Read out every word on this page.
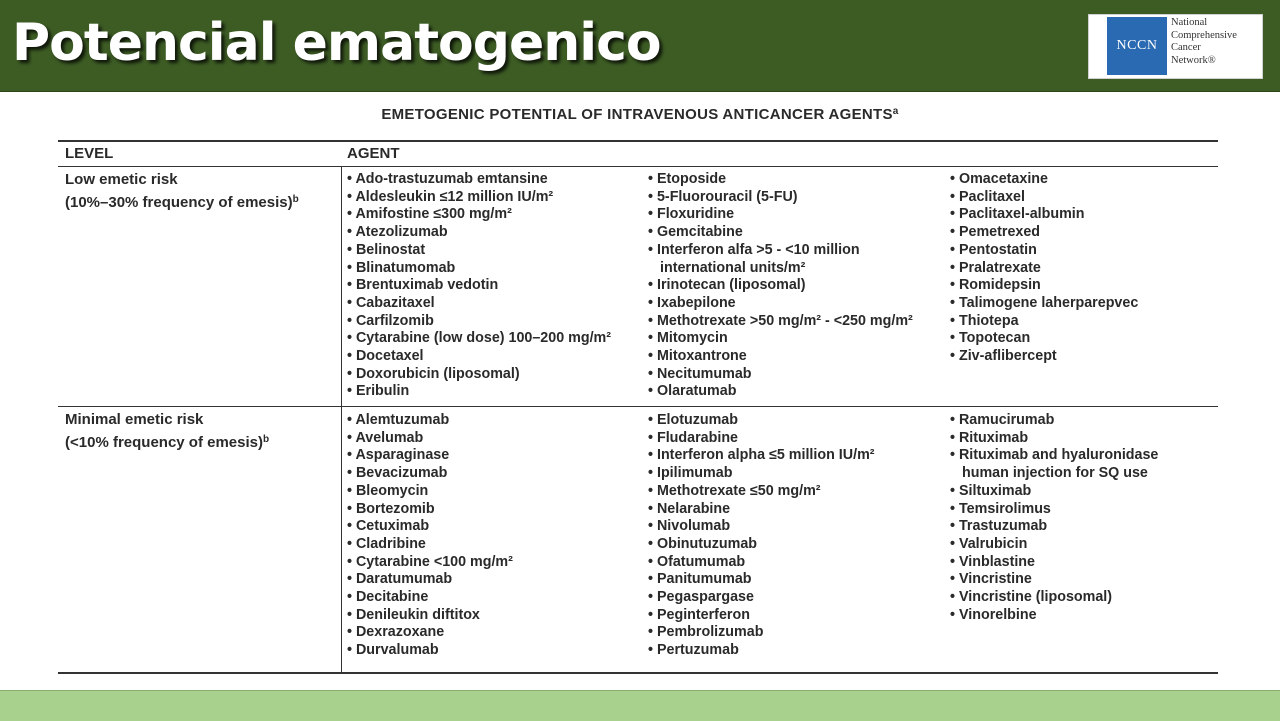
Potencial ematogenico	NCCN
National
Comprehensive
Cancer
Network®
EMETOGENIC POTENTIAL OF INTRAVENOUS ANTICANCER AGENTS$^a$
LEVEL	AGENT
Low emetic risk
(10%–30% frequency of emesis)$^b$
• Ado-trastuzumab emtansine
• Aldesleukin ≤12 million IU/m²
• Amifostine ≤300 mg/m²
• Atezolizumab
• Belinostat
• Blinatumomab
• Brentuximab vedotin
• Cabazitaxel
• Carfilzomib
• Cytarabine (low dose) 100–200 mg/m²
• Docetaxel
• Doxorubicin (liposomal)
• Eribulin
• Etoposide
• 5-Fluorouracil (5-FU)
• Floxuridine
• Gemcitabine
• Interferon alfa >5 - <10 million
international units/m²
• Irinotecan (liposomal)
• Ixabepilone
• Methotrexate >50 mg/m² - <250 mg/m²
• Mitomycin
• Mitoxantrone
• Necitumumab
• Olaratumab
• Omacetaxine
• Paclitaxel
• Paclitaxel-albumin
• Pemetrexed
• Pentostatin
• Pralatrexate
• Romidepsin
• Talimogene laherparepvec
• Thiotepa
• Topotecan
• Ziv-aflibercept
Minimal emetic risk
(<10% frequency of emesis)$^b$
• Alemtuzumab
• Avelumab
• Asparaginase
• Bevacizumab
• Bleomycin
• Bortezomib
• Cetuximab
• Cladribine
• Cytarabine <100 mg/m²
• Daratumumab
• Decitabine
• Denileukin diftitox
• Dexrazoxane
• Durvalumab
• Elotuzumab
• Fludarabine
• Interferon alpha ≤5 million IU/m²
• Ipilimumab
• Methotrexate ≤50 mg/m²
• Nelarabine
• Nivolumab
• Obinutuzumab
• Ofatumumab
• Panitumumab
• Pegaspargase
• Peginterferon
• Pembrolizumab
• Pertuzumab
• Ramucirumab
• Rituximab
• Rituximab and hyaluronidase
human injection for SQ use
• Siltuximab
• Temsirolimus
• Trastuzumab
• Valrubicin
• Vinblastine
• Vincristine
• Vincristine (liposomal)
• Vinorelbine
